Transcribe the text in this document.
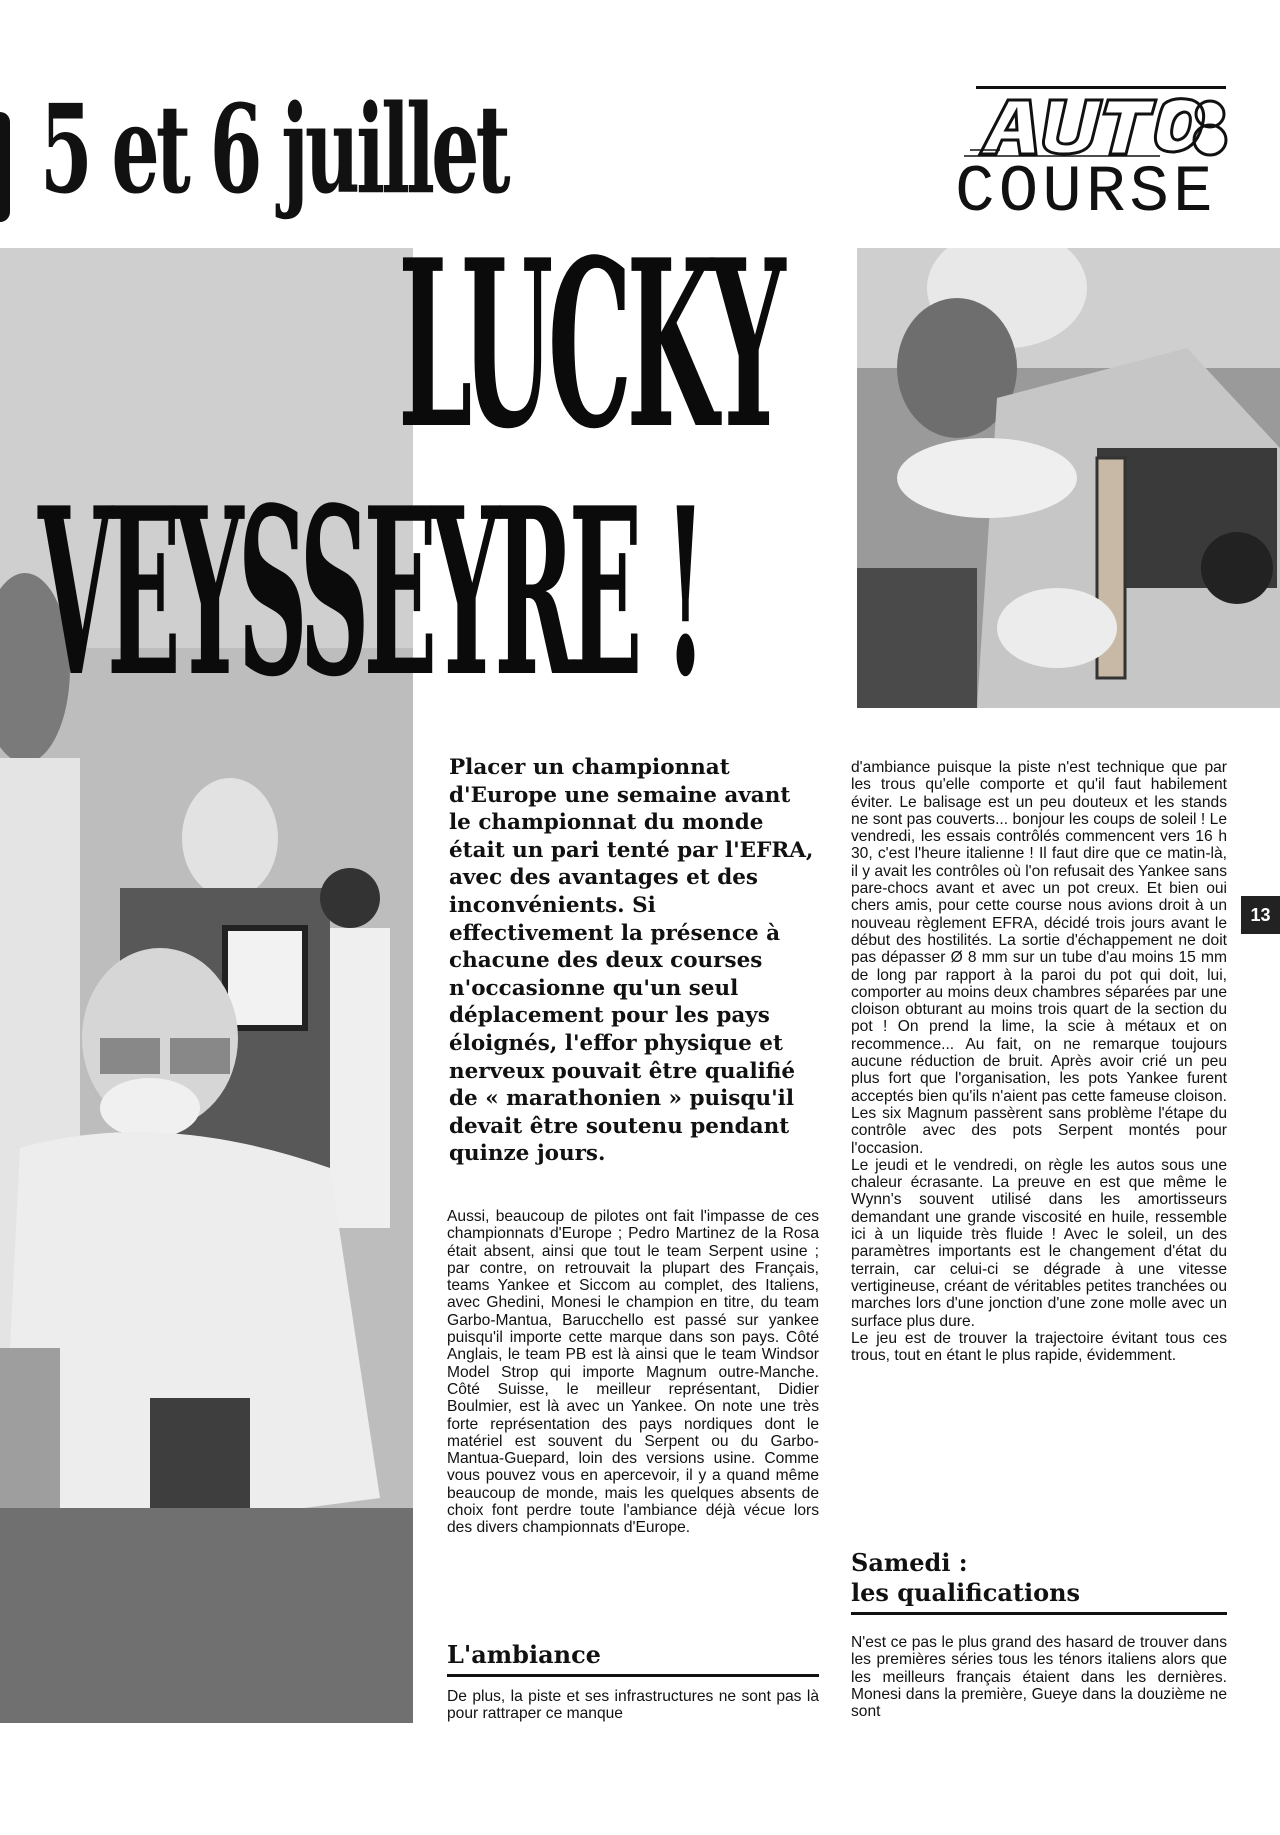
5 et 6 juillet	COURSE
LUCKY
VEYSSEYRE !
Placer un championnat d'Europe une semaine avant le championnat du monde était un pari tenté par l'EFRA, avec des avantages et des inconvénients. Si effectivement la présence à chacune des deux courses n'occasionne qu'un seul déplacement pour les pays éloignés, l'effor physique et nerveux pouvait être qualifié de « marathonien » puisqu'il devait être soutenu pendant quinze jours.
Aussi, beaucoup de pilotes ont fait l'impasse de ces championnats d'Europe ; Pedro Martinez de la Rosa était absent, ainsi que tout le team Serpent usine ; par contre, on retrouvait la plupart des Français, teams Yankee et Siccom au complet, des Italiens, avec Ghedini, Monesi le champion en titre, du team Garbo-Mantua, Barucchello est passé sur yankee puisqu'il importe cette marque dans son pays. Côté Anglais, le team PB est là ainsi que le team Windsor Model Strop qui importe Magnum outre-Manche. Côté Suisse, le meilleur représentant, Didier Boulmier, est là avec un Yankee. On note une très forte représentation des pays nordiques dont le matériel est souvent du Serpent ou du Garbo-Mantua-Guepard, loin des versions usine. Comme vous pouvez vous en apercevoir, il y a quand même beaucoup de monde, mais les quelques absents de choix font perdre toute l'ambiance déjà vécue lors des divers championnats d'Europe.
L'ambiance
De plus, la piste et ses infrastructures ne sont pas là pour rattraper ce manque
d'ambiance puisque la piste n'est technique que par les trous qu'elle comporte et qu'il faut habilement éviter. Le balisage est un peu douteux et les stands ne sont pas couverts... bonjour les coups de soleil ! Le vendredi, les essais contrôlés commencent vers 16 h 30, c'est l'heure italienne ! Il faut dire que ce matin-là, il y avait les contrôles où l'on refusait des Yankee sans pare-chocs avant et avec un pot creux. Et bien oui chers amis, pour cette course nous avions droit à un nouveau règlement EFRA, décidé trois jours avant le début des hostilités. La sortie d'échappement ne doit pas dépasser Ø 8 mm sur un tube d'au moins 15 mm de long par rapport à la paroi du pot qui doit, lui, comporter au moins deux chambres séparées par une cloison obturant au moins trois quart de la section du pot ! On prend la lime, la scie à métaux et on recommence... Au fait, on ne remarque toujours aucune réduction de bruit. Après avoir crié un peu plus fort que l'organisation, les pots Yankee furent acceptés bien qu'ils n'aient pas cette fameuse cloison. Les six Magnum passèrent sans problème l'étape du contrôle avec des pots Serpent montés pour l'occasion.
Le jeudi et le vendredi, on règle les autos sous une chaleur écrasante. La preuve en est que même le Wynn's souvent utilisé dans les amortisseurs demandant une grande viscosité en huile, ressemble ici à un liquide très fluide ! Avec le soleil, un des paramètres importants est le changement d'état du terrain, car celui-ci se dégrade à une vitesse vertigineuse, créant de véritables petites tranchées ou marches lors d'une jonction d'une zone molle avec un surface plus dure.
Le jeu est de trouver la trajectoire évitant tous ces trous, tout en étant le plus rapide, évidemment.
Samedi :
les qualifications
N'est ce pas le plus grand des hasard de trouver dans les premières séries tous les ténors italiens alors que les meilleurs français étaient dans les dernières. Monesi dans la première, Gueye dans la douzième ne sont
13
